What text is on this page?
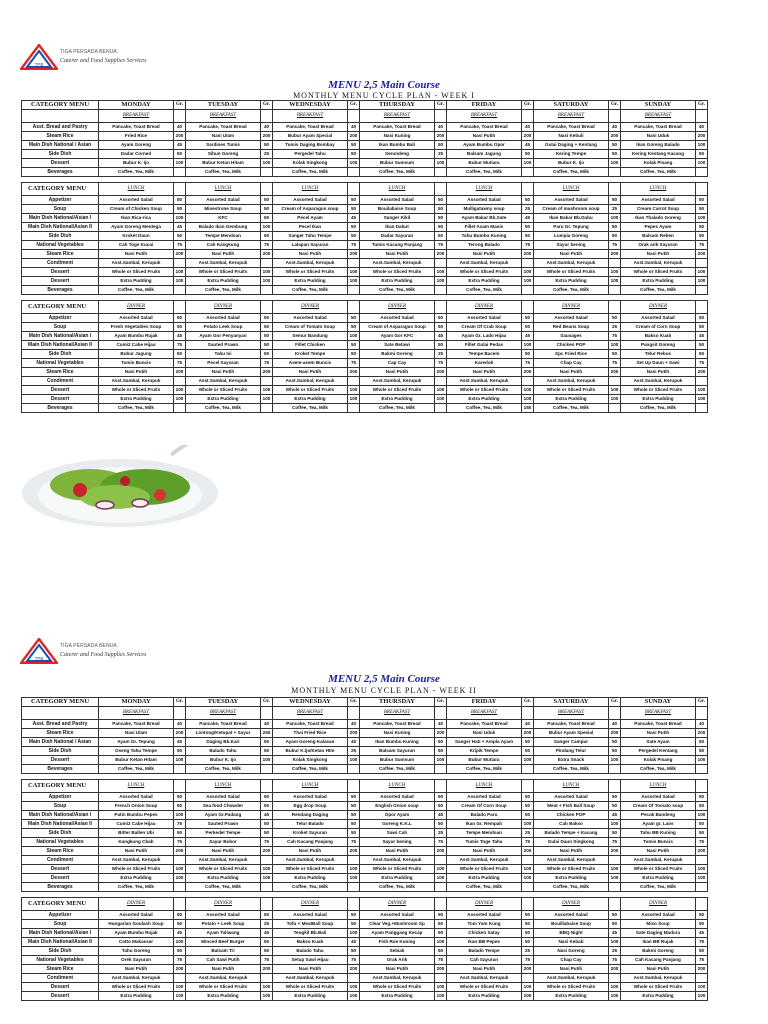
TPB
TIGA PERSADA BENUA
Caterer and Food Supplies Services
MENU 2,5 Main Course
MONTHLY MENU CYCLE PLAN - WEEK I
CATEGORY MENU	MONDAY	Gr.	TUESDAY	Gr.	WEDNESDAY	Gr.	THURSDAY	Gr.	FRIDAY	Gr.	SATURDAY	Gr.	SUNDAY	Gr.
	BREAKFAST		BREAKFAST		BREAKFAST		BREAKFAST		BREAKFAST		BREAKFAST		BREAKFAST	
Asst. Bread and Pastry	Pancake, Toast Bread	40	Pancake, Toast Bread	40	Pancake, Toast Bread	40	Pancake, Toast Bread	40	Pancake, Toast Bread	40	Pancake, Toast Bread	40	Pancake, Toast Bread	40
Steam Rice	Fried Rice	200	Nasi Ulam	200	Bubur Ayam Special	200	Nasi Kuning	200	Nasi Putih	200	Nasi Kebuli	200	Nasi Uduk	200
Main Dish National / Asian	Ayam Goreng	45	Sardines Tumis	50	Tumis Daging Bombay	50	Ikan Bumbu Bali	50	Ayam Bumbu Opor	45	Gulai Daging + Kentang	50	Ikan Goreng Balado	100
Side Dish	Dadar Corned	50	Sihun Goreng	25	Pergedel Tahu	50	Serundeng	25	Balsam Jagung	50	Kering Tempe	50	Kering Kentang Kacang	50
Dessert	Bubur K. Ijo	100	Bubur Ketan Hitam	100	Kolak Singkong	100	Bubur Sumsum	100	Bubur Mutiara	100	Bubur K. Ijo	100	Kolak Pisang	100
Beverages	Coffee, Tea, Milk		Coffee, Tea, Milk		Coffee, Tea, Milk		Coffee, Tea, Milk		Coffee, Tea, Milk		Coffee, Tea, Milk		Coffee, Tea, Milk	

CATEGORY MENU	LUNCH		LUNCH		LUNCH		LUNCH		LUNCH		LUNCH		LUNCH	
Appetizer	Assorted Salad	50	Assorted Salad	50	Assorted Salad	50	Assorted Salad	50	Assorted Salad	50	Assorted Salad	50	Assorted Salad	50
Soup	Cream of Chicken Soup	50	Minestrone Soup	50	Cream of Asparagus soup	50	Bouilabaise Soup	50	Mulligatawny soup	25	Cream of mushroom soup	25	Cream Carrot Soup	50
Main Dish National/Asian I	Ikan Rica-rica	100	KFC	50	Pecel Ayam	45	Sanger Kikil	50	Ayam Bakar Bb.Sate	45	Ikan Bakar Bb.Dabu	100	Ikan Thalado Goreng	100
Main Dish National/Asian II	Ayam Goreng Mentega	45	Balado Ikan Gembung	100	Pecel Ikan	50	Ikan Dabut	50	Fillet Asam Manis	50	Paru Gr. Tepung	50	Pepes Ayam	50
Side Dish	Kroket Daun	50	Tempe Mendoan	50	Sanger Tahu Tempe	50	Dadar Sayuran	50	Tahu Bumbu Kuning	50	Lumpia Goreng	50	Balsam Reben	50
National Vegetables	Cah Toge Kucai	75	Cah Kangkung	75	Lalapan Sayuran	75	Tumis Kacang Panjang	75	Terong Balado	75	Sayur bening	75	Orak arik Sayuran	75
Steam Rice	Nasi Putih	200	Nasi Putih	200	Nasi Putih	200	Nasi Putih	200	Nasi Putih	200	Nasi Putih	200	Nasi Putih	200
Condiment	Asst.Sambal, Kerupuk		Asst.Sambal, Kerupuk		Asst.Sambal, Kerupuk		Asst.Sambal, Kerupuk		Asst.Sambal, Kerupuk		Asst.Sambal, Kerupuk		Asst.Sambal, Kerupuk	
Dessert	Whole or Sliced Fruits	100	Whole or Sliced Fruits	100	Whole or Sliced Fruits	100	Whole or Sliced Fruits	100	Whole or Sliced Fruits	100	Whole or Sliced Fruits	100	Whole or Sliced Fruits	100
Dessert	Extra Pudding	100	Extra Pudding	100	Extra Pudding	100	Extra Pudding	100	Extra Pudding	100	Extra Pudding	100	Extra Pudding	100
Beverages	Coffee, Tea, Milk		Coffee, Tea, Milk		Coffee, Tea, Milk		Coffee, Tea, Milk		Coffee, Tea, Milk		Coffee, Tea, Milk		Coffee, Tea, Milk	

CATEGORY MENU	DINNER		DINNER		DINNER		DINNER		DINNER		DINNER		DINNER	
Appetizer	Assorted Salad	50	Assorted Salad	50	Assorted Salad	50	Assorted Salad	50	Assorted Salad	50	Assorted Salad	50	Assorted Salad	50
Soup	Fresh Vegetables Soup	50	Potato Leek Soup	50	Cream of Tomato Soup	50	Cream of Asparagus Soup	50	Cream Of Crab Soup	50	Red Beans Soup	25	Cream of Corn Soup	50
Main Dish National/Asian I	Ayam Bumbu Rujak	45	Ayam Gor Penyanyan	50	Semur Bandung	100	Ayam Gor KFC	45	Ayam Gr. Lado Hijau	45	Sausages	75	Bakso Kuah	45
Main Dish National/Asian II	Cumi2 Cabe Hijau	75	Sauted Prawn	50	Fillet Chicken	50	Sate Betawi	50	Fillet Gulai Pedas	100	Chicken POP	100	Pangsit Goreng	50
Side Dish	Bubur Jagung	50	Tahu Isi	50	Kroket Tempe	50	Bakmi Goreng	25	Tempe Bacem	50	Spc Fried Rice	50	Telur Rebus	50
National Vegetables	Tumis Buncis	75	Pecel Sayuran	75	Asem-asem Buncis	75	Cap Cay	75	Karedok	75	Chap Cay	75	Set Up Daun + Sawi	75
Steam Rice	Nasi Putih	200	Nasi Putih	200	Nasi Putih	200	Nasi Putih	200	Nasi Putih	200	Nasi Putih	200	Nasi Putih	200
Condiment	Asst.Sambal, Kerupuk		Asst.Sambal, Kerupuk		Asst.Sambal, Kerupuk		Asst.Sambal, Kerupuk		Asst.Sambal, Kerupuk		Asst.Sambal, Kerupuk		Asst.Sambal, Kerupuk	
Dessert	Whole or Sliced Fruits	100	Whole or Sliced Fruits	100	Whole or Sliced Fruits	100	Whole or Sliced Fruits	100	Whole or Sliced Fruits	100	Whole or Sliced Fruits	100	Whole or Sliced Fruits	100
Dessert	Extra Pudding	100	Extra Pudding	100	Extra Pudding	100	Extra Pudding	100	Extra Pudding	100	Extra Pudding	100	Extra Pudding	100
Beverages	Coffee, Tea, Milk		Coffee, Tea, Milk		Coffee, Tea, Milk		Coffee, Tea, Milk		Coffee, Tea, Milk	150	Coffee, Tea, Milk		Coffee, Tea, Milk	
TPB
TIGA PERSADA BENUA
Caterer and Food Supplies Services
MENU 2,5 Main Course
MONTHLY MENU CYCLE PLAN - WEEK II
CATEGORY MENU	MONDAY	Gr.	TUESDAY	Gr.	WEDNESDAY	Gr.	THURSDAY	Gr.	FRIDAY	Gr.	SATURDAY	Gr.	SUNDAY	Gr.
	BREAKFAST		BREAKFAST		BREAKFAST		BREAKFAST		BREAKFAST		BREAKFAST		BREAKFAST	
Asst. Bread and Pastry	Pancake, Toast Bread	40	Pancake, Toast Bread	40	Pancake, Toast Bread	40	Pancake, Toast Bread	40	Pancake, Toast Bread	40	Pancake, Toast Bread	40	Pancake, Toast Bread	40
Steam Rice	Nasi Ulam	200	Lontong/Ketupat + Sayur	250	Thai Fried Rice	200	Nasi Kuning	200	Nasi Uduk	200	Bubur Ayam Spesial	200	Nasi Putih	200
Main Dish National / Asian	Ayam Gr. Tepung	45	Daging Bb.Kari	50	Ayam Goreng Kalasan	45	Ikan Bumbu Kuning	50	Sanger Hati + Ampla Ayam	50	Sanger Campur	50	Sate Ayam	50
Side Dish	Oseng Tahu Tempe	50	Balado Tahu	50	Bubur K.Ijo/Ketan Htm	25	Balsam Sayuran	50	Kripik Tempe	50	Pindang Telur	50	Pergedel Kentang	50
Dessert	Bubur Ketan Hitam	100	Bubur K. Ijo	100	Kolak Singkong	100	Bubur Sumsum	100	Bubur Mutiara	100	Extra Snack	100	Kolak Pisang	100
Beverages	Coffee, Tea, Milk		Coffee, Tea, Milk		Coffee, Tea, Milk		Coffee, Tea, Milk		Coffee, Tea, Milk		Coffee, Tea, Milk		Coffee, Tea, Milk	

CATEGORY MENU	LUNCH		LUNCH		LUNCH		LUNCH		LUNCH		LUNCH		LUNCH	
Appetizer	Assorted Salad	50	Assorted Salad	50	Assorted Salad	50	Assorted Salad	50	Assorted Salad	50	Assorted Salad	50	Assorted Salad	50
Soup	French Onion Soup	50	Sea food Chowder	50	Egg drop Soup	50	English Onion soup	50	Cream Of Corn Soup	50	Meat + Fish Ball Soup	50	Cream Of Tomato soup	50
Main Dish National/Asian I	Patin Bumbu Pepes	100	Ayam Gr.Padang	45	Rendang Daging	50	Opor Ayam	45	Balado Paru	50	Chicken POP	45	Pecak Bandeng	100
Main Dish National/Asian II	Cumi2 Cabe Hijau	75	Sauted Prawn	50	Telur Balado	50	Goreng K.K.L	50	Ikan Gr. Rempah	100	Cah Bakso	100	Ayam gr. Laos	50
Side Dish	Bitter Ballen Ubi	50	Perkedel Tempe	50	Kroket Sayuran	50	Sawi Cah	25	Tempe Mendoan	25	Balado Tempe + Kacang	50	Tahu BB Kuning	50
National Vegetables	Kangkung Cbah	75	Sayur Bobor	75	Cah Kacang Panjang	75	Sayur bening	75	Tumis Toge Tahu	75	Gulai Daun Singkong	75	Tumis Buncis	75
Steam Rice	Nasi Putih	200	Nasi Putih	200	Nasi Putih	200	Nasi Putih	200	Nasi Putih	200	Nasi Putih	200	Nasi Putih	200
Condiment	Asst.Sambal, Kerupuk		Asst.Sambal, Kerupuk		Asst.Sambal, Kerupuk		Asst.Sambal, Kerupuk		Asst.Sambal, Kerupuk		Asst.Sambal, Kerupuk		Asst.Sambal, Kerupuk	
Dessert	Whole or Sliced Fruits	100	Whole or Sliced Fruits	100	Whole or Sliced Fruits	100	Whole or Sliced Fruits	100	Whole or Sliced Fruits	100	Whole or Sliced Fruits	100	Whole or Sliced Fruits	100
Dessert	Extra Pudding	100	Extra Pudding	100	Extra Pudding	100	Extra Pudding	100	Extra Pudding	100	Extra Pudding	100	Extra Pudding	100
Beverages	Coffee, Tea, Milk		Coffee, Tea, Milk		Coffee, Tea, Milk		Coffee, Tea, Milk		Coffee, Tea, Milk		Coffee, Tea, Milk		Coffee, Tea, Milk	

CATEGORY MENU	DINNER		DINNER		DINNER		DINNER		DINNER		DINNER		DINNER	
Appetizer	Assorted Salad	50	Assorted Salad	50	Assorted Salad	50	Assorted Salad	50	Assorted Salad	50	Assorted Salad	50	Assorted Salad	50
Soup	Hungarian Goulash Soup	50	Potato + Leek Soup	25	Tofu + MeatBall Soup	50	Clear Veg.+Mushroom Sp	50	Tom Yam Kung	50	Bouillabaise Soup	50	Miso Soup	50
Main Dish National/Asian I	Ayam Bumbu Rujak	45	Ayam Taliwang	45	Tengkil Bb.Bali	100	Ayam Panggang Kecap	50	Chicken Satay	50	BBQ Night	45	Sate Daging Madura	45
Main Dish National/Asian II	Cotto Makassar	100	Minced Beef Burger	50	Bakso Kuah	45	Fish Roe Kuning	100	Ikan BB Pepes	50	Nasi Kebab	100	Ikan BB Rujak	75
Side Dish	Tahu Goreng	50	Balsam Tri	50	Balado Tahu	50	Sebiak	50	Balado Tempe	25	Nasi Goreng	25	Bakmi Goreng	50
National Vegetables	Orek Sayuran	75	Cah Sawi Putih	75	Setup Sawi Hijau	75	Orak Arik	75	Cah Sayuran	75	Chap Cay	75	Cah Kacang Panjang	75
Steam Rice	Nasi Putih	200	Nasi Putih	200	Nasi Putih	200	Nasi Putih	200	Nasi Putih	200	Nasi Putih	200	Nasi Putih	200
Condiment	Asst.Sambal, Kerupuk		Asst.Sambal, Kerupuk		Asst.Sambal, Kerupuk		Asst.Sambal, Kerupuk		Asst.Sambal, Kerupuk		Asst.Sambal, Kerupuk		Asst.Sambal, Kerupuk	
Dessert	Whole or Sliced Fruits	100	Whole or Sliced Fruits	100	Whole or Sliced Fruits	100	Whole or Sliced Fruits	100	Whole or Sliced Fruits	100	Whole or Sliced Fruits	100	Whole or Sliced Fruits	100
Dessert	Extra Pudding	100	Extra Pudding	100	Extra Pudding	100	Extra Pudding	100	Extra Pudding	100	Extra Pudding	100	Extra Pudding	100
